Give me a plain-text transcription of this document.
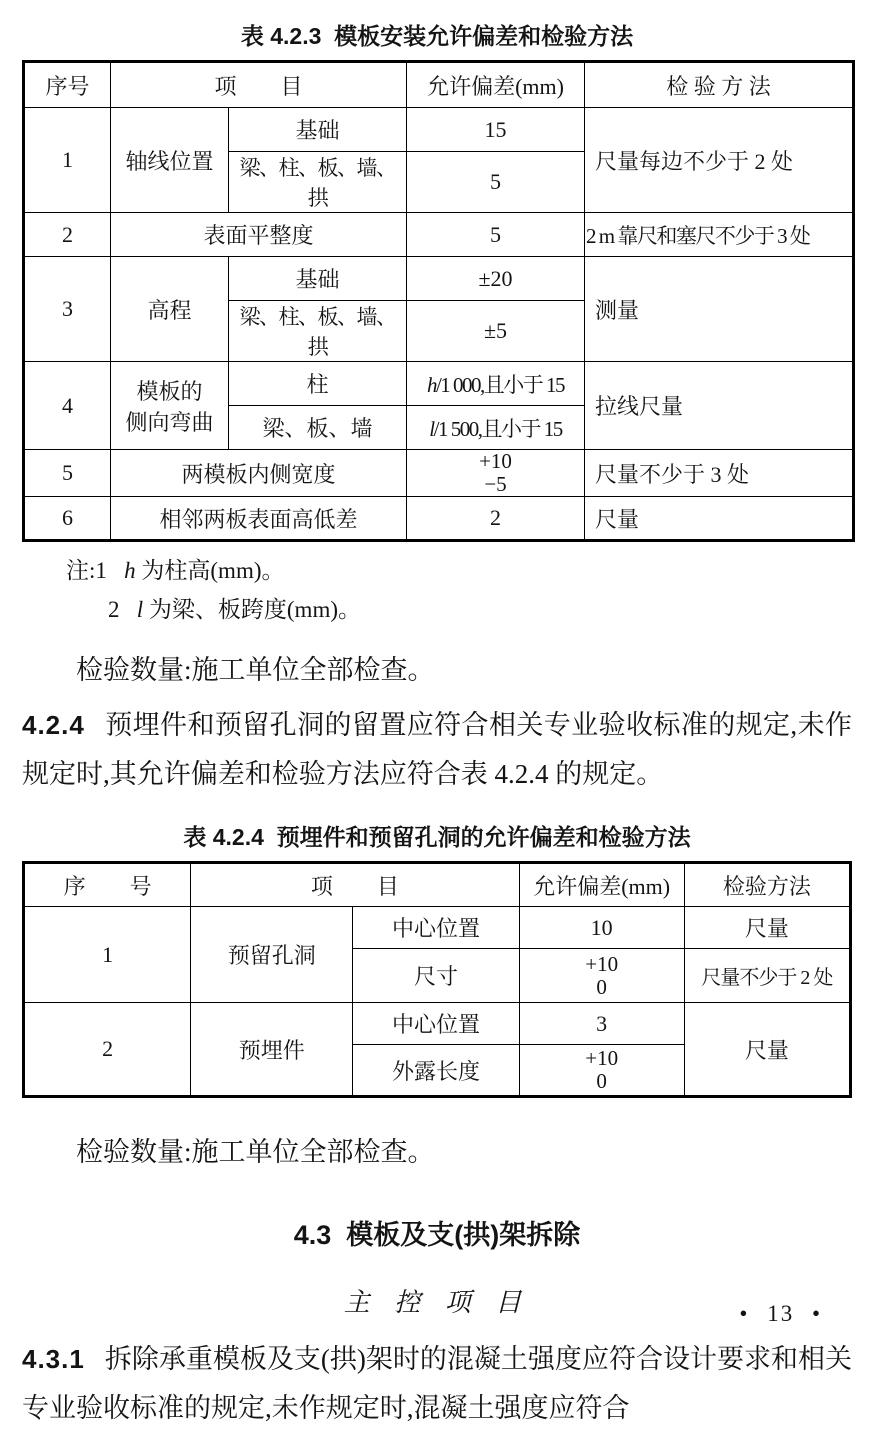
表 4.2.3  模板安装允许偏差和检验方法
序号	项　　目		允许偏差(mm)	检 验 方 法
1	轴线位置	基础	15	尺量每边不少于 2 处
		梁、柱、板、墙、拱	5	
2	表面平整度		5	2 m 靠尺和塞尺不少于 3 处
3	高程	基础	±20	测量
		梁、柱、板、墙、拱	±5	
4	模板的
侧向弯曲	柱	h/1 000,且小于 15	拉线尺量
		梁、板、墙	l/1 500,且小于 15	
5	两模板内侧宽度		+10
−5	尺量不少于 3 处
6	相邻两板表面高低差		2	尺量
注:1 h 为柱高(mm)。
2 l 为梁、板跨度(mm)。

检验数量:施工单位全部检查。

4.2.4 预埋件和预留孔洞的留置应符合相关专业验收标准的规定,未作规定时,其允许偏差和检验方法应符合表 4.2.4 的规定。

表 4.2.4  预埋件和预留孔洞的允许偏差和检验方法
序　　号	项　　目		允许偏差(mm)	检验方法
1	预留孔洞	中心位置	10	尺量
		尺寸	+10
0	尺量不少于 2 处
2	预埋件	中心位置	3	尺量
		外露长度	+10
0	

检验数量:施工单位全部检查。

4.3  模板及支(拱)架拆除
主 控 项 目

4.3.1 拆除承重模板及支(拱)架时的混凝土强度应符合设计要求和相关专业验收标准的规定,未作规定时,混凝土强度应符合

• 13 •
